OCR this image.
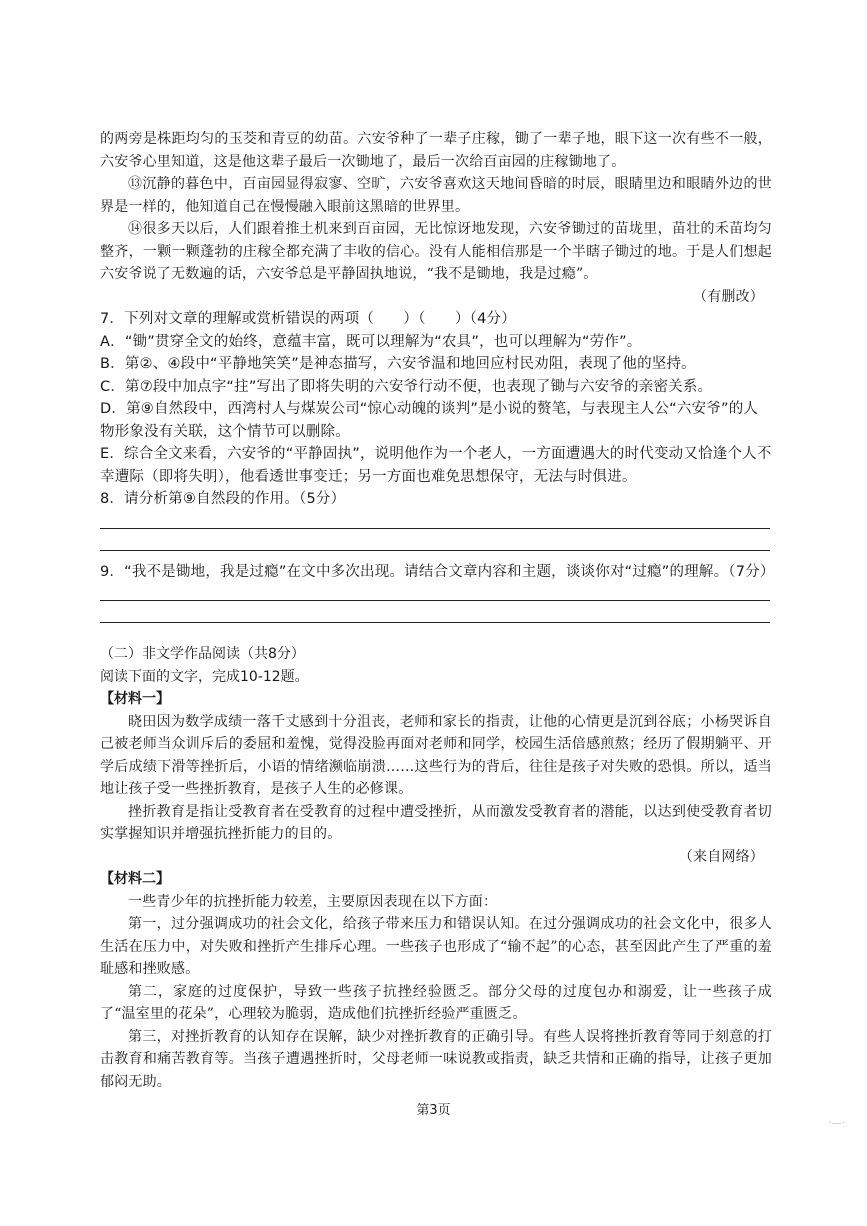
的两旁是株距均匀的玉茭和青豆的幼苗。六安爷种了一辈子庄稼，锄了一辈子地，眼下这一次有些不一般，六安爷心里知道，这是他这辈子最后一次锄地了，最后一次给百亩园的庄稼锄地了。

⑬沉静的暮色中，百亩园显得寂寥、空旷，六安爷喜欢这天地间昏暗的时辰，眼睛里边和眼睛外边的世界是一样的，他知道自己在慢慢融入眼前这黑暗的世界里。

⑭很多天以后，人们跟着推土机来到百亩园，无比惊讶地发现，六安爷锄过的苗垅里，苗壮的禾苗均匀整齐，一颗一颗蓬勃的庄稼全都充满了丰收的信心。没有人能相信那是一个半瞎子锄过的地。于是人们想起六安爷说了无数遍的话，六安爷总是平静固执地说，“我不是锄地，我是过瘾”。

（有删改）

7．下列对文章的理解或赏析错误的两项（　　）（　　）（4分）

A．“锄”贯穿全文的始终，意蕴丰富，既可以理解为“农具”，也可以理解为“劳作”。

B．第②、④段中“平静地笑笑”是神态描写，六安爷温和地回应村民劝阻，表现了他的坚持。

C．第⑦段中加点字“拄”写出了即将失明的六安爷行动不便，也表现了锄与六安爷的亲密关系。

D．第⑨自然段中，西湾村人与煤炭公司“惊心动魄的谈判”是小说的赘笔，与表现主人公“六安爷”的人物形象没有关联，这个情节可以删除。

E．综合全文来看，六安爷的“平静固执”，说明他作为一个老人，一方面遭遇大的时代变动又恰逢个人不幸遭际（即将失明），他看透世事变迁；另一方面也难免思想保守，无法与时俱进。

8．请分析第⑨自然段的作用。（5分）

9．“我不是锄地，我是过瘾”在文中多次出现。请结合文章内容和主题，谈谈你对“过瘾”的理解。（7分）

（二）非文学作品阅读（共8分）

阅读下面的文字，完成10-12题。

【材料一】

晓田因为数学成绩一落千丈感到十分沮丧，老师和家长的指责，让他的心情更是沉到谷底；小杨哭诉自己被老师当众训斥后的委屈和羞愧，觉得没脸再面对老师和同学，校园生活倍感煎熬；经历了假期躺平、开学后成绩下滑等挫折后，小语的情绪濒临崩溃……这些行为的背后，往往是孩子对失败的恐惧。所以，适当地让孩子受一些挫折教育，是孩子人生的必修课。

挫折教育是指让受教育者在受教育的过程中遭受挫折，从而激发受教育者的潜能，以达到使受教育者切实掌握知识并增强抗挫折能力的目的。

（来自网络）

【材料二】

一些青少年的抗挫折能力较差，主要原因表现在以下方面：

第一，过分强调成功的社会文化，给孩子带来压力和错误认知。在过分强调成功的社会文化中，很多人生活在压力中，对失败和挫折产生排斥心理。一些孩子也形成了“输不起”的心态，甚至因此产生了严重的羞耻感和挫败感。

第二，家庭的过度保护，导致一些孩子抗挫经验匮乏。部分父母的过度包办和溺爱，让一些孩子成了“温室里的花朵”，心理较为脆弱，造成他们抗挫折经验严重匮乏。

第三，对挫折教育的认知存在误解，缺少对挫折教育的正确引导。有些人误将挫折教育等同于刻意的打击教育和痛苦教育等。当孩子遭遇挫折时，父母老师一味说教或指责，缺乏共情和正确的指导，让孩子更加郁闷无助。

第3页
·—·
